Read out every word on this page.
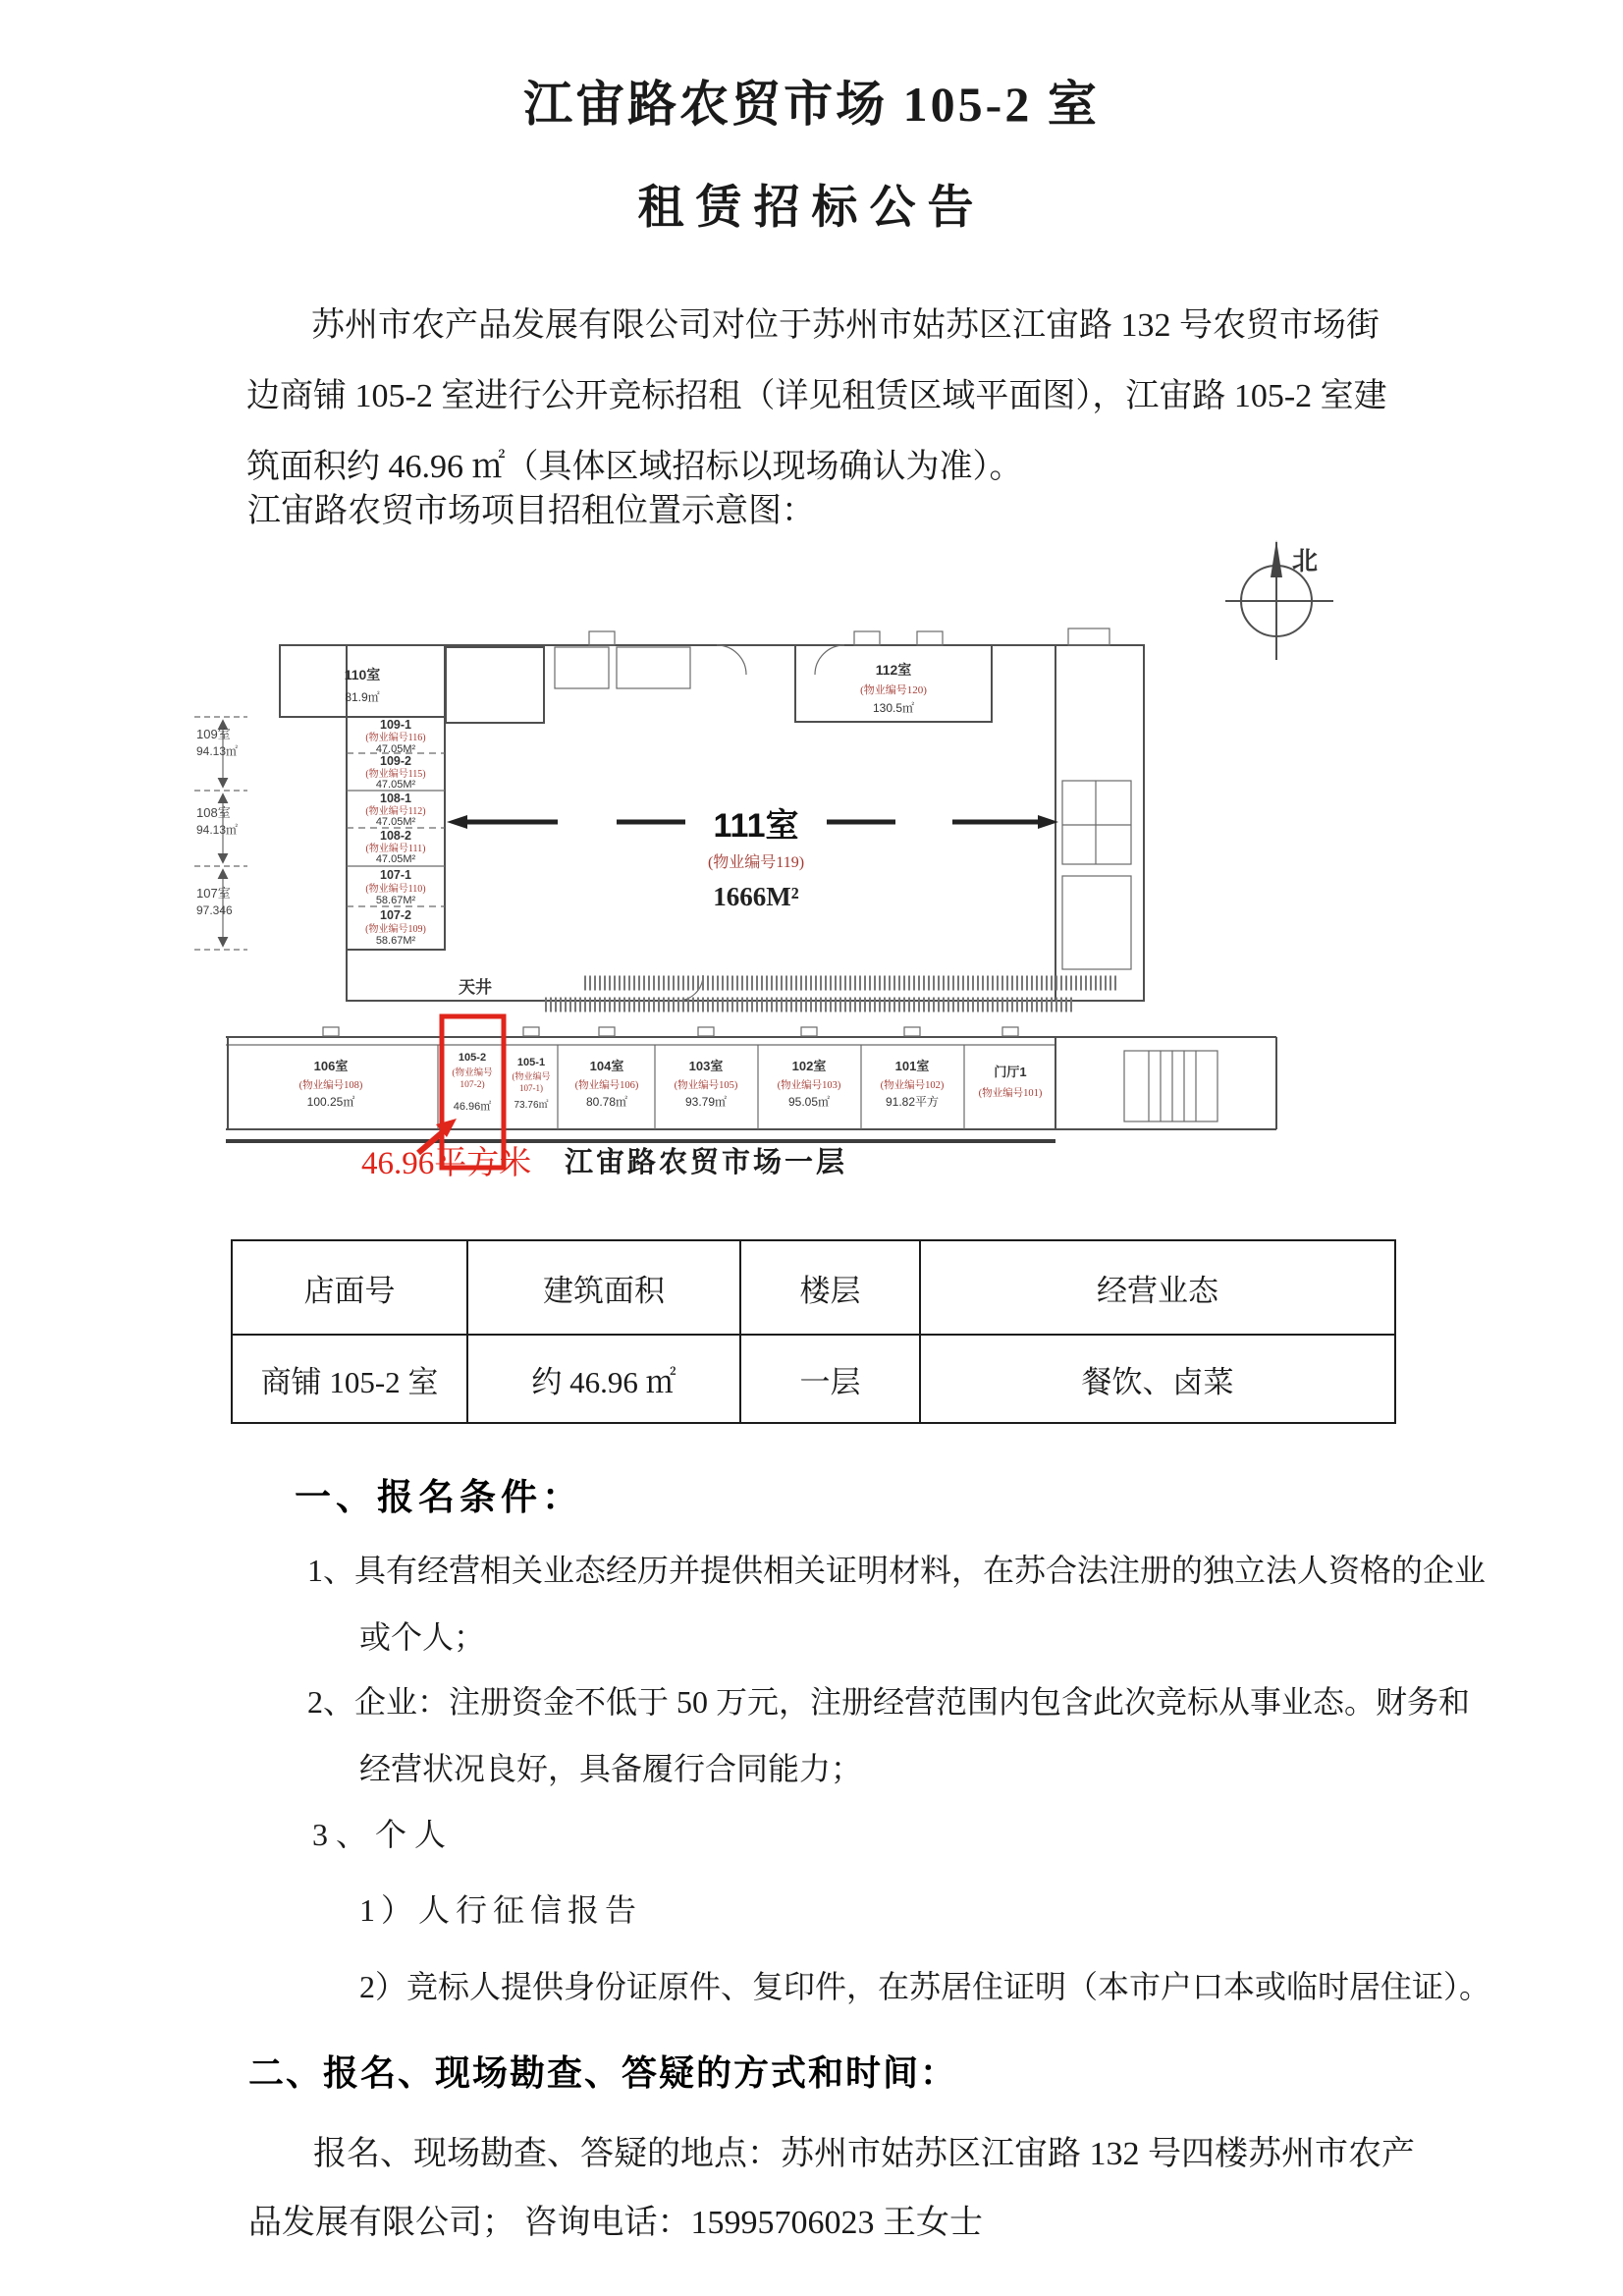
江宙路农贸市场 105-2 室
租赁招标公告
苏州市农产品发展有限公司对位于苏州市姑苏区江宙路 132 号农贸市场街
边商铺 105-2 室进行公开竞标招租（详见租赁区域平面图），江宙路 105-2 室建
筑面积约 46.96 ㎡（具体区域招标以现场确认为准）。
江宙路农贸市场项目招租位置示意图：
北
109室
94.13㎡
108室
94.13㎡
107室
97.346
110室
81.9㎡
109-1
(物业编号116)
47.05M²
109-2
(物业编号115)
47.05M²
108-1
(物业编号112)
47.05M²
108-2
(物业编号111)
47.05M²
107-1
(物业编号110)
58.67M²
107-2
(物业编号109)
58.67M²
112室
(物业编号120)
130.5㎡
111室
(物业编号119)
1666M²
天井
106室
(物业编号108)
100.25㎡
105-2
(物业编号
107-2)
46.96㎡
105-1
(物业编号
107-1)
73.76㎡
104室
(物业编号106)
80.78㎡
103室
(物业编号105)
93.79㎡
102室
(物业编号103)
95.05㎡
101室
(物业编号102)
91.82平方
门厅1
(物业编号101)
46.96平方米 江宙路农贸市场一层
店面号	建筑面积	楼层	经营业态
商铺 105-2 室	约 46.96 ㎡	一层	餐饮、卤菜
一、报名条件：
1、具有经营相关业态经历并提供相关证明材料，在苏合法注册的独立法人资格的企业
或个人；
2、企业：注册资金不低于 50 万元，注册经营范围内包含此次竞标从事业态。财务和
经营状况良好，具备履行合同能力；
3、个人
1）人行征信报告
2）竞标人提供身份证原件、复印件，在苏居住证明（本市户口本或临时居住证）。
二、报名、现场勘查、答疑的方式和时间：
报名、现场勘查、答疑的地点：苏州市姑苏区江宙路 132 号四楼苏州市农产
品发展有限公司； 咨询电话：15995706023 王女士
